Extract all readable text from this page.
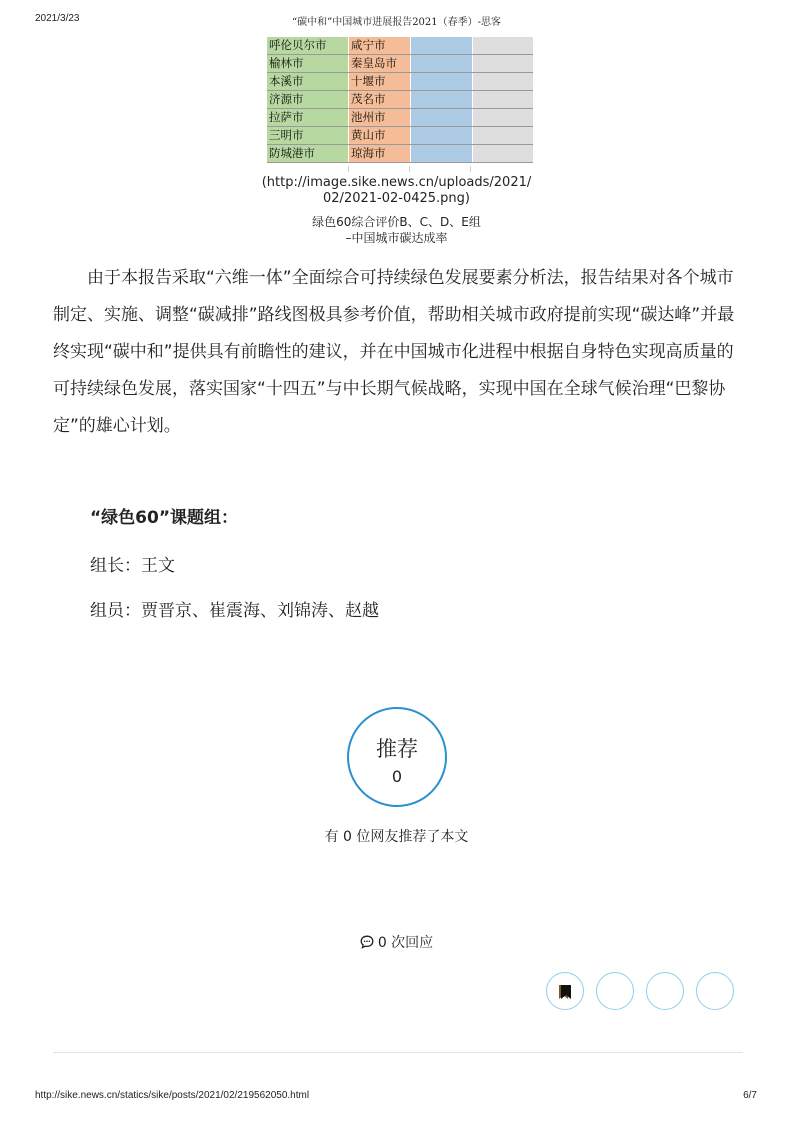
2021/3/23	“碳中和”中国城市进展报告2021（春季）-思客
呼伦贝尔市	咸宁市		
榆林市	秦皇岛市		
本溪市	十堰市		
济源市	茂名市		
拉萨市	池州市		
三明市	黄山市		
防城港市	琼海市		
(http://image.sike.news.cn/uploads/2021/
02/2021-02-0425.png)
绿色60综合评价B、C、D、E组
–中国城市碳达成率

由于本报告采取“六维一体”全面综合可持续绿色发展要素分析法，报告结果对各个城市制定、实施、调整“碳减排”路线图极具参考价值，帮助相关城市政府提前实现“碳达峰”并最终实现“碳中和”提供具有前瞻性的建议，并在中国城市化进程中根据自身特色实现高质量的可持续绿色发展，落实国家“十四五”与中长期气候战略，实现中国在全球气候治理“巴黎协定”的雄心计划。

“绿色60”课题组：
组长：王文
组员：贾晋京、崔震海、刘锦涛、赵越
推荐
0
有 0 位网友推荐了本文
0 次回应
http://sike.news.cn/statics/sike/posts/2021/02/219562050.html	6/7
